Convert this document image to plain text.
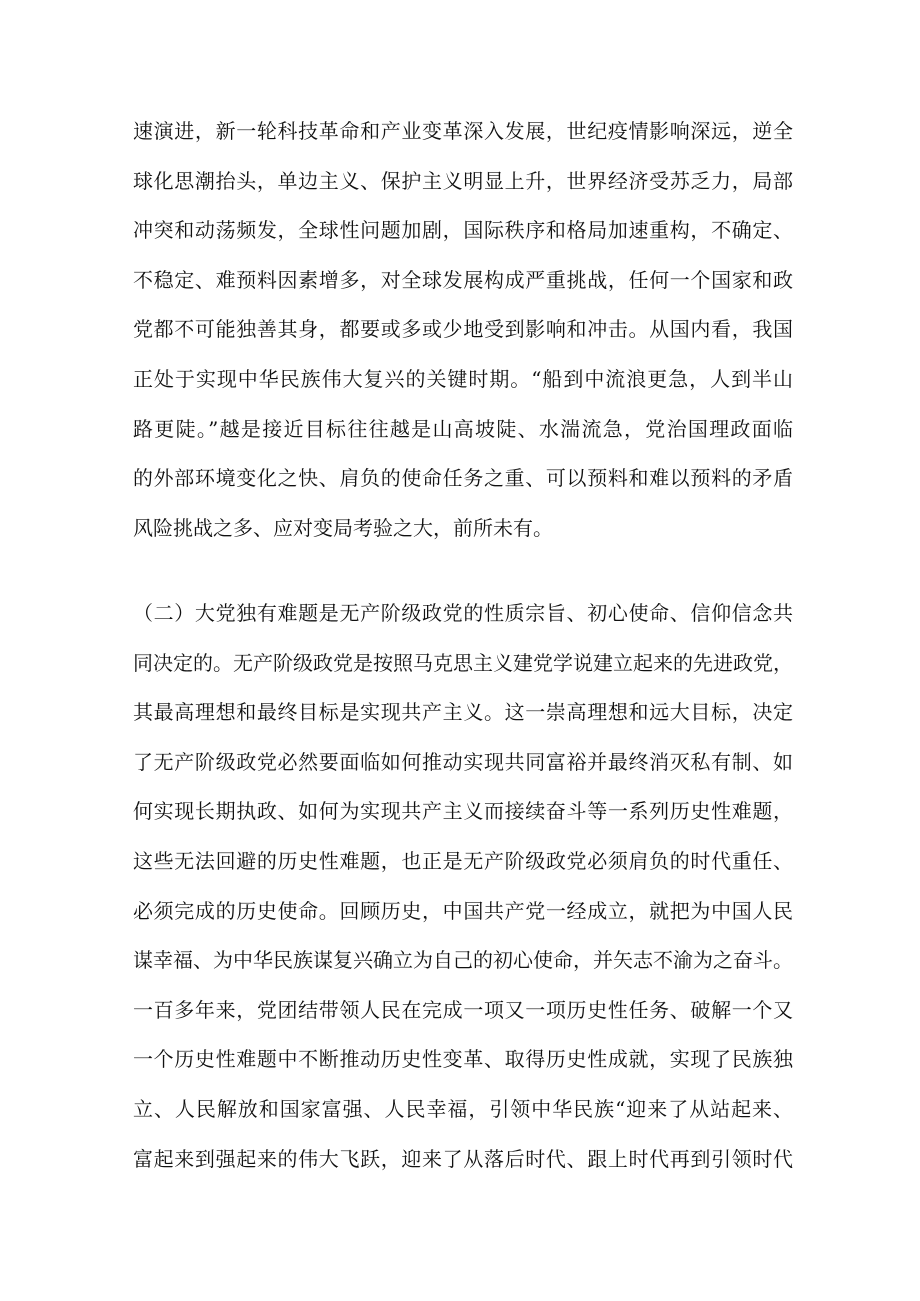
速演进，新一轮科技革命和产业变革深入发展，世纪疫情影响深远，逆全
球化思潮抬头，单边主义、保护主义明显上升，世界经济受苏乏力，局部
冲突和动荡频发，全球性问题加剧，国际秩序和格局加速重构，不确定、
不稳定、难预料因素增多，对全球发展构成严重挑战，任何一个国家和政
党都不可能独善其身，都要或多或少地受到影响和冲击。从国内看，我国
正处于实现中华民族伟大复兴的关键时期。“船到中流浪更急，人到半山
路更陡。”越是接近目标往往越是山高坡陡、水湍流急，党治国理政面临
的外部环境变化之快、肩负的使命任务之重、可以预料和难以预料的矛盾
风险挑战之多、应对变局考验之大，前所未有。
（二）大党独有难题是无产阶级政党的性质宗旨、初心使命、信仰信念共
同决定的。无产阶级政党是按照马克思主义建党学说建立起来的先进政党，
其最高理想和最终目标是实现共产主义。这一崇高理想和远大目标，决定
了无产阶级政党必然要面临如何推动实现共同富裕并最终消灭私有制、如
何实现长期执政、如何为实现共产主义而接续奋斗等一系列历史性难题，
这些无法回避的历史性难题，也正是无产阶级政党必须肩负的时代重任、
必须完成的历史使命。回顾历史，中国共产党一经成立，就把为中国人民
谋幸福、为中华民族谋复兴确立为自己的初心使命，并矢志不渝为之奋斗。
一百多年来，党团结带领人民在完成一项又一项历史性任务、破解一个又
一个历史性难题中不断推动历史性变革、取得历史性成就，实现了民族独
立、人民解放和国家富强、人民幸福，引领中华民族“迎来了从站起来、
富起来到强起来的伟大飞跃，迎来了从落后时代、跟上时代再到引领时代
